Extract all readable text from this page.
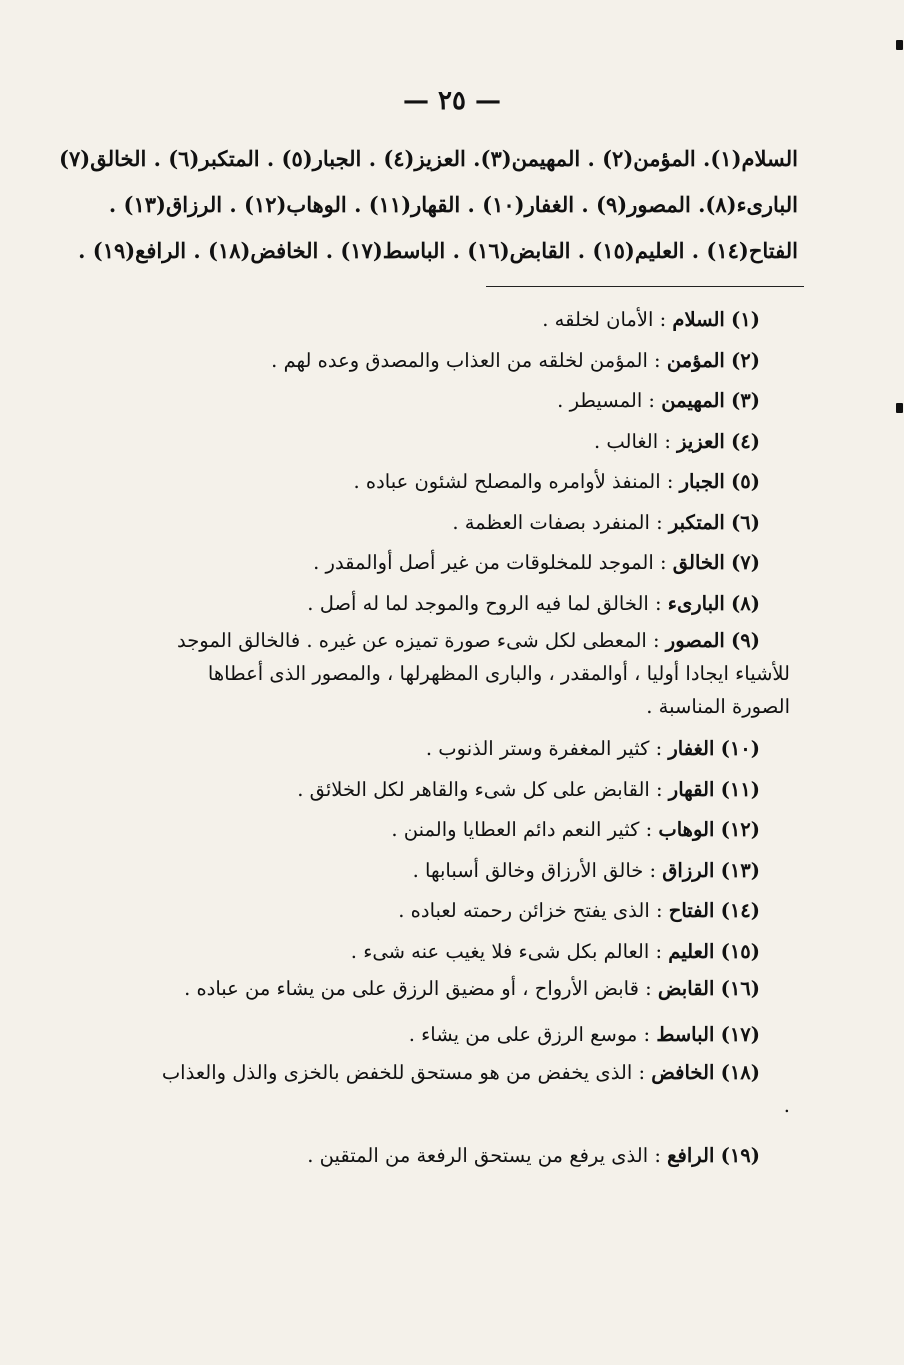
— ٢٥ —
السلام(١). المؤمن(٢) . المهيمن(٣). العزيز(٤) . الجبار(٥) . المتكبر(٦) . الخالق(٧)
البارىء(٨). المصور(٩) . الغفار(١٠) . القهار(١١) . الوهاب(١٢) . الرزاق(١٣) .
الفتاح(١٤) . العليم(١٥) . القابض(١٦) . الباسط(١٧) . الخافض(١٨) . الرافع(١٩) .

(١) السلام : الأمان لخلقه .

(٢) المؤمن : المؤمن لخلقه من العذاب والمصدق وعده لهم .

(٣) المهيمن : المسيطر .

(٤) العزيز : الغالب .

(٥) الجبار : المنفذ لأوامره والمصلح لشئون عباده .

(٦) المتكبر : المنفرد بصفات العظمة .

(٧) الخالق : الموجد للمخلوقات من غير أصل أوالمقدر .

(٨) البارىء : الخالق لما فيه الروح والموجد لما له أصل .

(٩) المصور : المعطى لكل شىء صورة تميزه عن غيره . فالخالق الموجد للأشياء ايجادا أوليا ، أوالمقدر ، والبارى المظهرلها ، والمصور الذى أعطاها الصورة المناسبة .

(١٠) الغفار : كثير المغفرة وستر الذنوب .

(١١) القهار : القابض على كل شىء والقاهر لكل الخلائق .

(١٢) الوهاب : كثير النعم دائم العطايا والمنن .

(١٣) الرزاق : خالق الأرزاق وخالق أسبابها .

(١٤) الفتاح : الذى يفتح خزائن رحمته لعباده .

(١٥) العليم : العالم بكل شىء فلا يغيب عنه شىء .

(١٦) القابض : قابض الأرواح ، أو مضيق الرزق على من يشاء من عباده .

(١٧) الباسط : موسع الرزق على من يشاء .

(١٨) الخافض : الذى يخفض من هو مستحق للخفض بالخزى والذل والعذاب .

(١٩) الرافع : الذى يرفع من يستحق الرفعة من المتقين .
